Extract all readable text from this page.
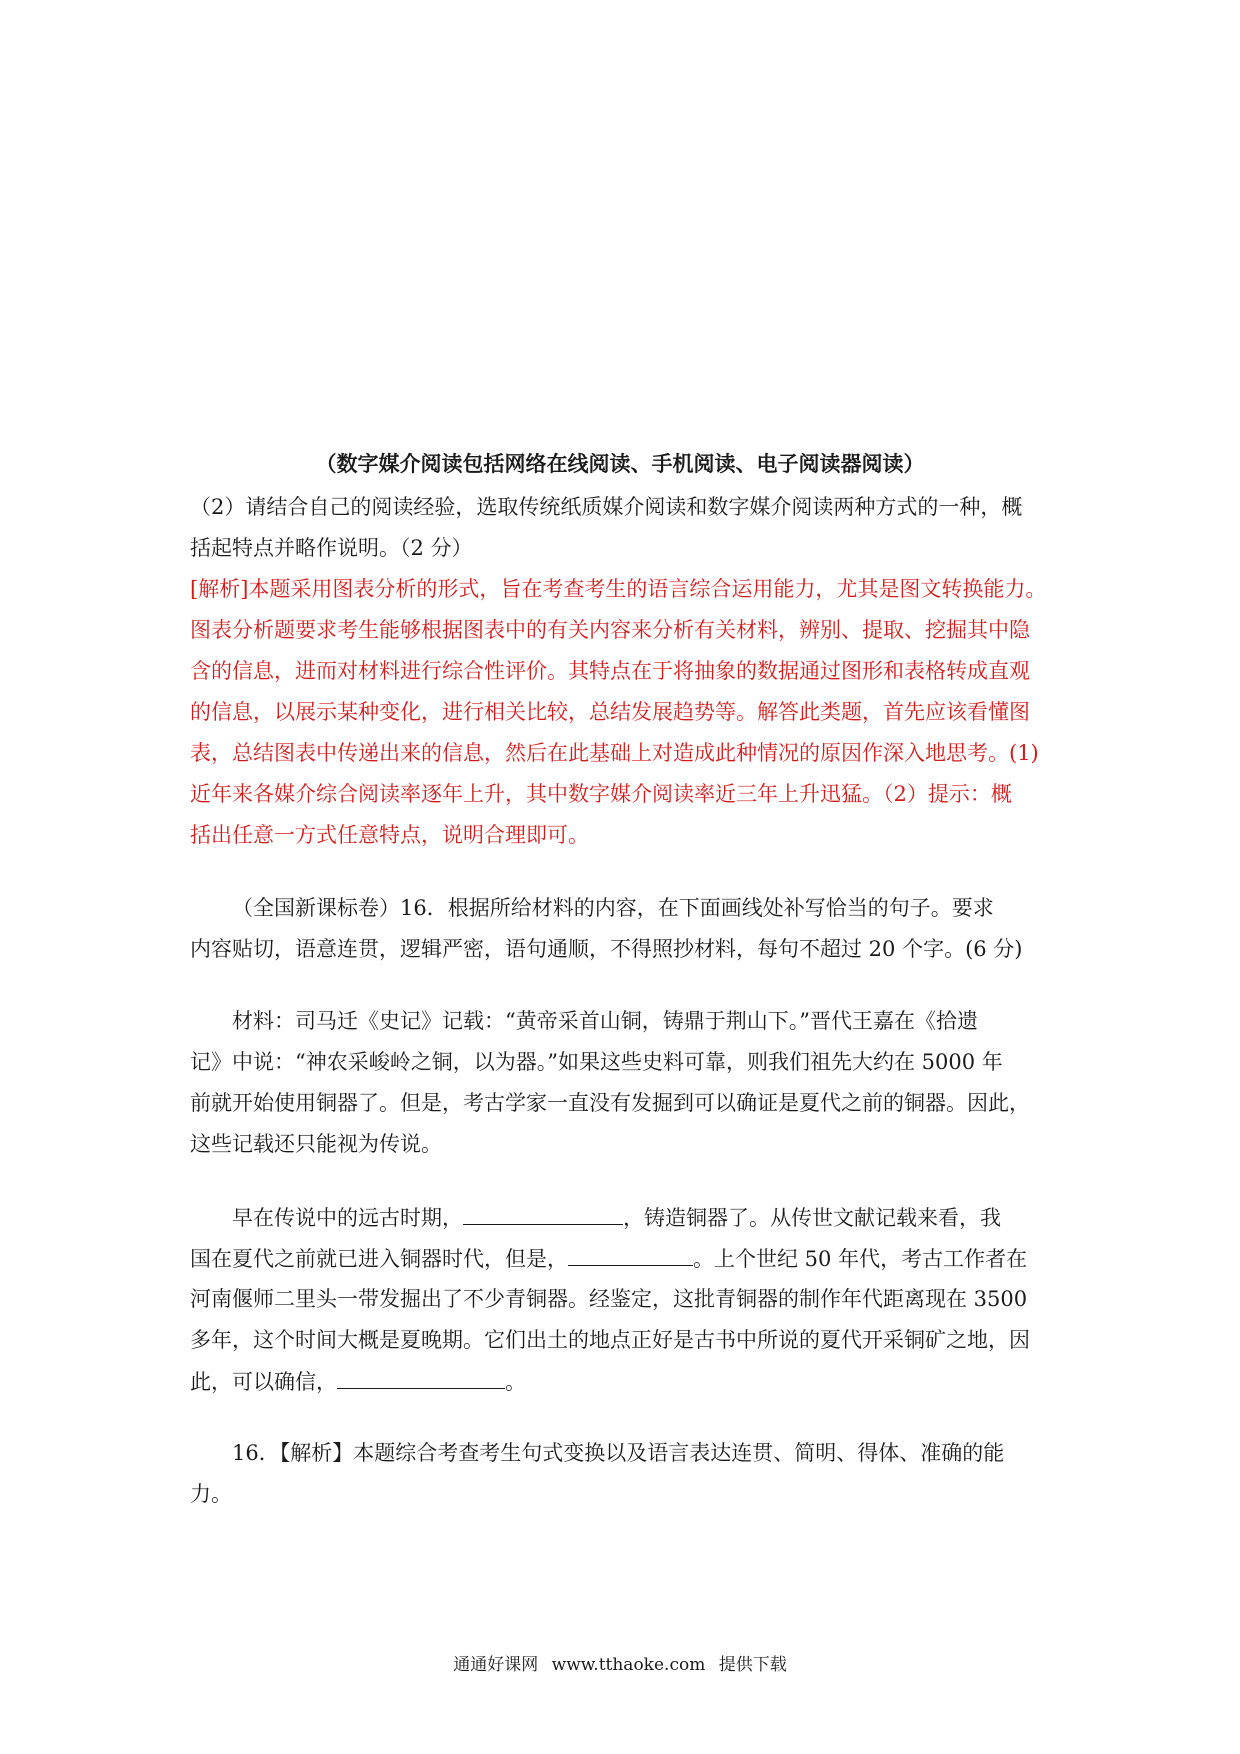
（数字媒介阅读包括网络在线阅读、手机阅读、电子阅读器阅读）
（2）请结合自己的阅读经验，选取传统纸质媒介阅读和数字媒介阅读两种方式的一种，概
括起特点并略作说明。（2 分）
[解析]本题采用图表分析的形式，旨在考查考生的语言综合运用能力，尤其是图文转换能力。
图表分析题要求考生能够根据图表中的有关内容来分析有关材料，辨别、提取、挖掘其中隐
含的信息，进而对材料进行综合性评价。其特点在于将抽象的数据通过图形和表格转成直观
的信息，以展示某种变化，进行相关比较，总结发展趋势等。解答此类题，首先应该看懂图
表，总结图表中传递出来的信息，然后在此基础上对造成此种情况的原因作深入地思考。(1)
近年来各媒介综合阅读率逐年上升，其中数字媒介阅读率近三年上升迅猛。（2）提示：概
括出任意一方式任意特点，说明合理即可。
（全国新课标卷）16．根据所给材料的内容，在下面画线处补写恰当的句子。要求
内容贴切，语意连贯，逻辑严密，语句通顺，不得照抄材料，每句不超过 20 个字。(6 分)
材料：司马迁《史记》记载：“黄帝采首山铜，铸鼎于荆山下。”晋代王嘉在《拾遗
记》中说：“神农采峻岭之铜，以为器。”如果这些史料可靠，则我们祖先大约在 5000 年
前就开始使用铜器了。但是，考古学家一直没有发掘到可以确证是夏代之前的铜器。因此，
这些记载还只能视为传说。
早在传说中的远古时期，	，铸造铜器了。从传世文献记载来看，我
国在夏代之前就已进入铜器时代，但是，	。上个世纪 50 年代，考古工作者在
河南偃师二里头一带发掘出了不少青铜器。经鉴定，这批青铜器的制作年代距离现在 3500
多年，这个时间大概是夏晚期。它们出土的地点正好是古书中所说的夏代开采铜矿之地，因
此，可以确信，	。
16．【解析】本题综合考查考生句式变换以及语言表达连贯、简明、得体、准确的能
力。
通通好课网 www.tthaoke.com 提供下载
